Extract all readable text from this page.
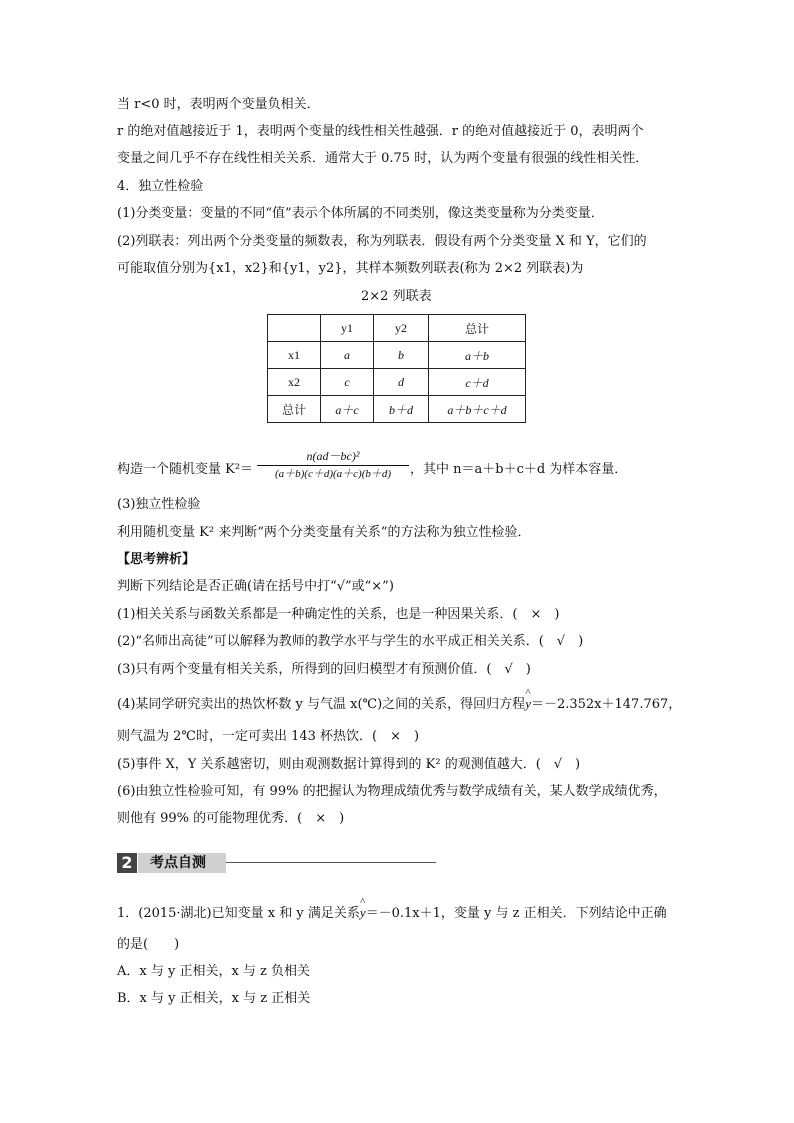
当 r<0 时，表明两个变量负相关．
r 的绝对值越接近于 1，表明两个变量的线性相关性越强．r 的绝对值越接近于 0，表明两个
变量之间几乎不存在线性相关关系．通常大于 0.75 时，认为两个变量有很强的线性相关性．
4．独立性检验
(1)分类变量：变量的不同“值”表示个体所属的不同类别，像这类变量称为分类变量．
(2)列联表：列出两个分类变量的频数表，称为列联表．假设有两个分类变量 X 和 Y，它们的
可能取值分别为{x1，x2}和{y1，y2}，其样本频数列联表(称为 2×2 列联表)为
2×2 列联表
	y1	y2	总计
x1	a	b	a＋b
x2	c	d	c＋d
总计	a＋c	b＋d	a＋b＋c＋d
构造一个随机变量 K²＝
n(ad－bc)²
(a＋b)(c＋d)(a＋c)(b＋d)	，其中 n＝a＋b＋c＋d 为样本容量．
(3)独立性检验
利用随机变量 K² 来判断“两个分类变量有关系”的方法称为独立性检验．
【思考辨析】
判断下列结论是否正确(请在括号中打“√”或“×”)
(1)相关关系与函数关系都是一种确定性的关系，也是一种因果关系．(　×　)
(2)“名师出高徒”可以解释为教师的教学水平与学生的水平成正相关关系．(　√　)
(3)只有两个变量有相关关系，所得到的回归模型才有预测价值．(　√　)
(4)某同学研究卖出的热饮杯数 y 与气温 x(℃)之间的关系，得回归方程^ y＝－2.352x＋147.767，
则气温为 2℃时，一定可卖出 143 杯热饮．(　×　)
(5)事件 X，Y 关系越密切，则由观测数据计算得到的 K² 的观测值越大．(　√　)
(6)由独立性检验可知，有 99% 的把握认为物理成绩优秀与数学成绩有关，某人数学成绩优秀，
则他有 99% 的可能物理优秀．(　×　)
2	考点自测
1．(2015·湖北)已知变量 x 和 y 满足关系^ y＝－0.1x＋1，变量 y 与 z 正相关．下列结论中正确
的是(　　)
A．x 与 y 正相关，x 与 z 负相关
B．x 与 y 正相关，x 与 z 正相关
